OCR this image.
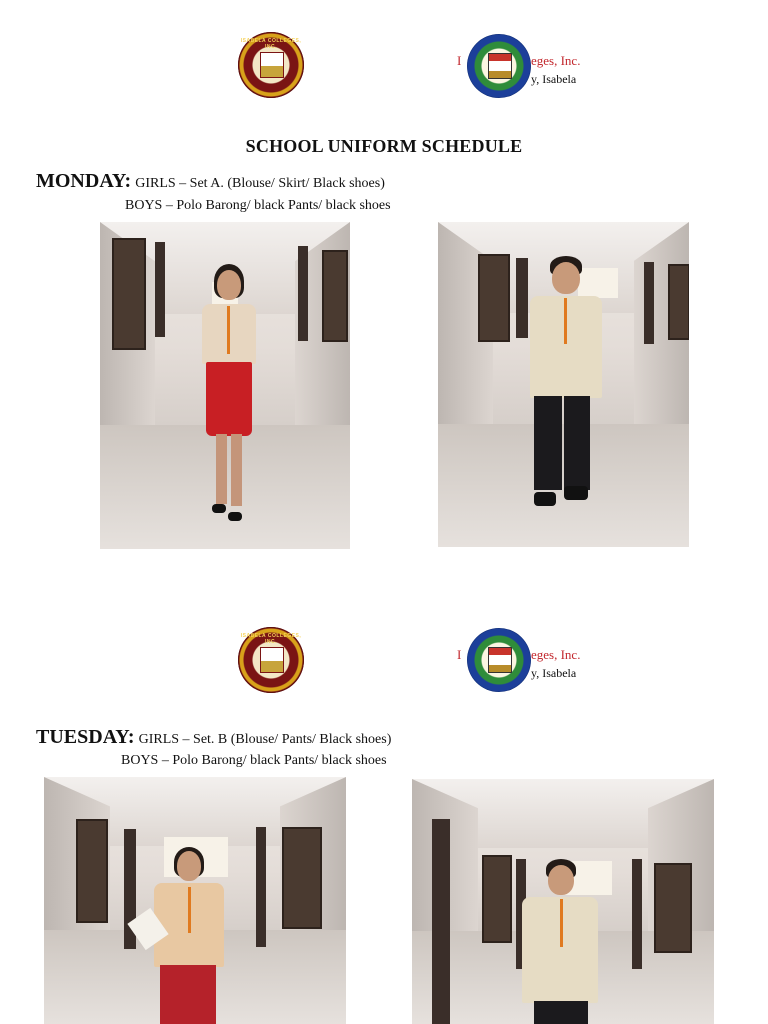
ISABELA COLLEGES, INC.
I	eges, Inc.
y, Isabela
SCHOOL UNIFORM SCHEDULE
MONDAY: GIRLS – Set A. (Blouse/ Skirt/ Black shoes)
BOYS – Polo Barong/ black Pants/ black shoes
ISABELA COLLEGES, INC.
I	eges, Inc.
y, Isabela
TUESDAY: GIRLS – Set. B (Blouse/ Pants/ Black shoes)
BOYS – Polo Barong/ black Pants/ black shoes
